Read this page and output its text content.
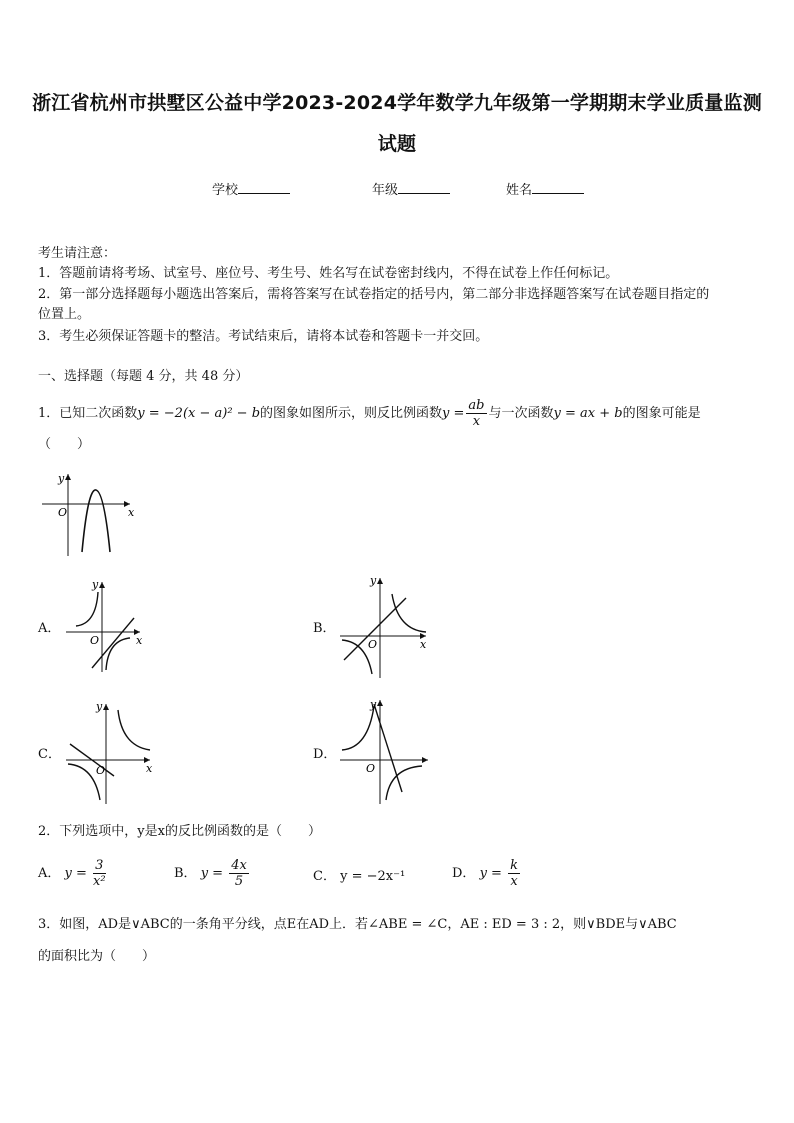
浙江省杭州市拱墅区公益中学2023-2024学年数学九年级第一学期期末学业质量监测
试题
学校	年级	姓名
考生请注意：
1．答题前请将考场、试室号、座位号、考生号、姓名写在试卷密封线内，不得在试卷上作任何标记。
2．第一部分选择题每小题选出答案后，需将答案写在试卷指定的括号内，第二部分非选择题答案写在试卷题目指定的
位置上。
3．考生必须保证答题卡的整洁。考试结束后，请将本试卷和答题卡一并交回。
一、选择题（每题 4 分，共 48 分）
1．已知二次函数y = −2(x − a)² − b的图象如图所示，则反比例函数$y = \frac{ab}{x}$ 与一次函数y = ax + b的图象可能是
（　　）
y
x
O
A．
y
x
O
B．
y
x
O
C．
y
x
O
D．
y
O
2．下列选项中，y是x的反比例函数的是（　　）
A． $y = \frac{3}{\text{x²}}$	B． $y = \frac{4x}{5}$	C． y = −2x⁻¹	D． $y = \frac{k}{x}$
3．如图，AD是∨ABC的一条角平分线，点E在AD上．若∠ABE = ∠C，AE : ED = 3 : 2，则∨BDE与∨ABC
的面积比为（　　）
